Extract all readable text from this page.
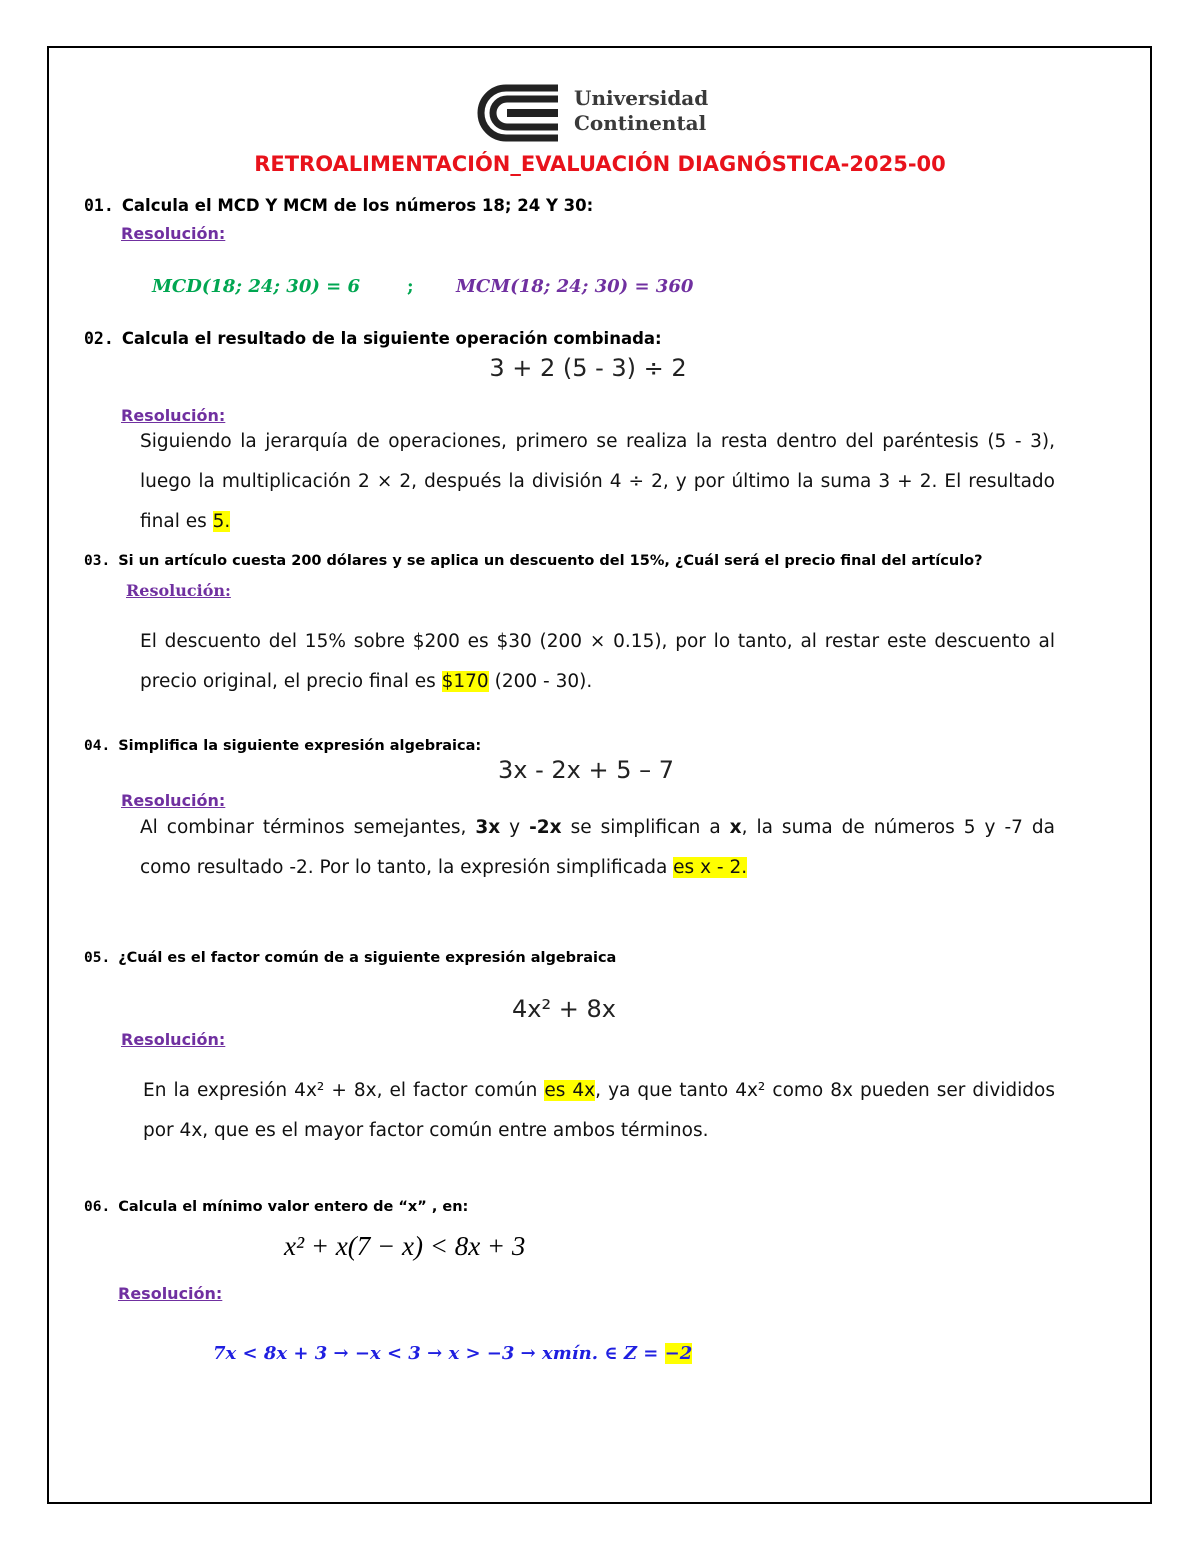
Universidad
Continental
RETROALIMENTACIÓN_EVALUACIÓN DIAGNÓSTICA-2025-00
01. Calcula el MCD Y MCM de los números 18; 24 Y 30:
Resolución:
MCD(18; 24; 30) = 6	; MCM(18; 24; 30) = 360
02. Calcula el resultado de la siguiente operación combinada:
3 + 2 (5 - 3) ÷ 2
Resolución:
Siguiendo la jerarquía de operaciones, primero se realiza la resta dentro del paréntesis (5 - 3), luego la multiplicación 2 × 2, después la división 4 ÷ 2, y por último la suma 3 + 2. El resultado final es 5.
03. Si un artículo cuesta 200 dólares y se aplica un descuento del 15%, ¿Cuál será el precio final del artículo?
Resolución:
El descuento del 15% sobre $200 es $30 (200 × 0.15), por lo tanto, al restar este descuento al precio original, el precio final es $170 (200 - 30).
04. Simplifica la siguiente expresión algebraica:
3x - 2x + 5 – 7
Resolución:
Al combinar términos semejantes, 3x y -2x se simplifican a x, la suma de números 5 y -7 da como resultado -2. Por lo tanto, la expresión simplificada es x - 2.
05. ¿Cuál es el factor común de a siguiente expresión algebraica
4x² + 8x
Resolución:
En la expresión 4x² + 8x, el factor común es 4x, ya que tanto 4x² como 8x pueden ser divididos por 4x, que es el mayor factor común entre ambos términos.
06. Calcula el mínimo valor entero de “x” , en:
x² + x(7 − x) < 8x + 3
Resolución:
7x < 8x + 3 → −x < 3 → x > −3 → xmín. ∈ Z = −2
